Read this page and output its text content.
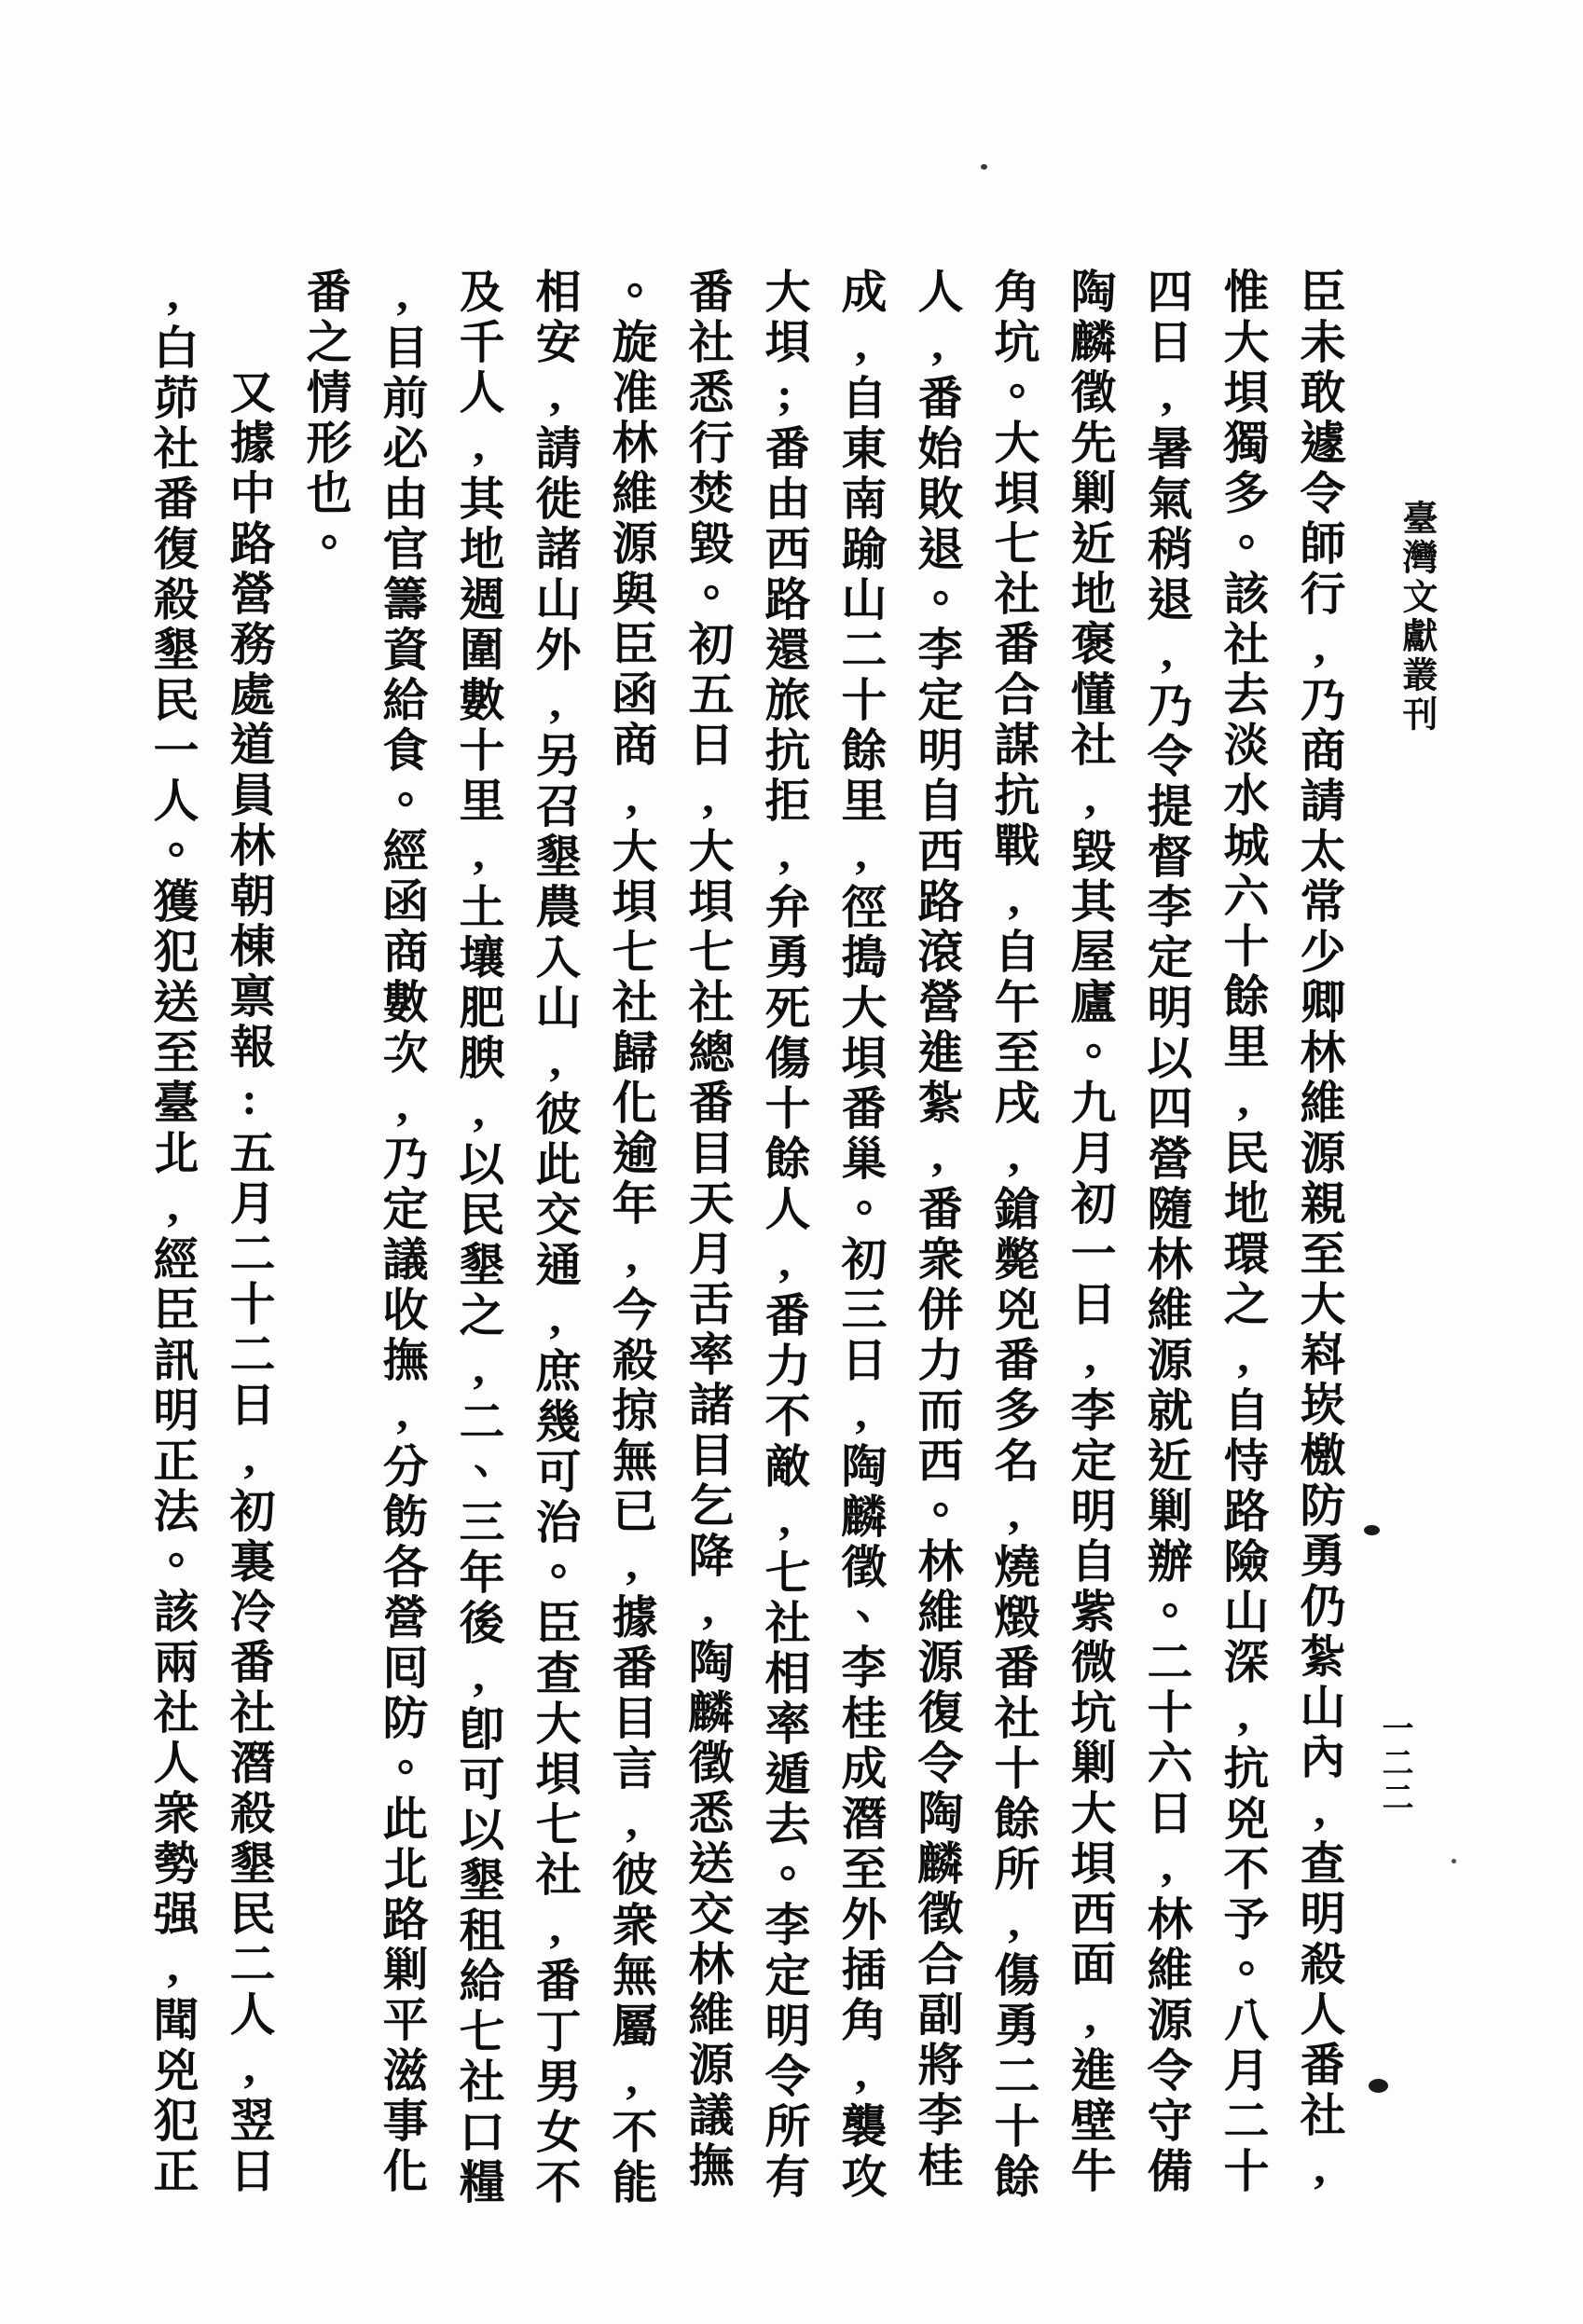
臺灣文獻叢刊
一二二
臣未敢遽令師行,乃商請太常少卿林維源親至大嵙崁檄防勇仍紮山內,查明殺人番社,
惟大垻獨多。該社去淡水城六十餘里,民地環之,自恃路險山深,抗兇不予。八月二十
四日,暑氣稍退,乃令提督李定明以四營隨林維源就近剿辦。二十六日,林維源令守備
陶麟徵先剿近地褒懂社,毀其屋廬。九月初一日,李定明自紫微坑剿大垻西面,進壁牛
角坑。大垻七社番合謀抗戰,自午至戌,鎗斃兇番多名,燒燬番社十餘所,傷勇二十餘
人,番始敗退。李定明自西路滾營進紮,番衆併力而西。林維源復令陶麟徵合副將李桂
成,自東南踰山二十餘里,徑搗大垻番巢。初三日,陶麟徵、李桂成潛至外插角,襲攻
大垻;番由西路還旅抗拒,弁勇死傷十餘人,番力不敵,七社相率遁去。李定明令所有
番社悉行焚毀。初五日,大垻七社總番目天月舌率諸目乞降,陶麟徵悉送交林維源議撫
。旋准林維源與臣函商,大垻七社歸化逾年,今殺掠無已,據番目言,彼衆無屬,不能
相安,請徙諸山外,另召墾農入山,彼此交通,庶幾可治。臣查大垻七社,番丁男女不
及千人,其地週圍數十里,土壤肥腴,以民墾之,二、三年後,卽可以墾租給七社口糧
,目前必由官籌資給食。經函商數次,乃定議收撫,分飭各營囘防。此北路剿平滋事化
番之情形也。
　　又據中路營務處道員林朝棟禀報:五月二十二日,初裏冷番社潛殺墾民二人,翌日
,白茆社番復殺墾民一人。獲犯送至臺北,經臣訊明正法。該兩社人衆勢强,聞兇犯正
